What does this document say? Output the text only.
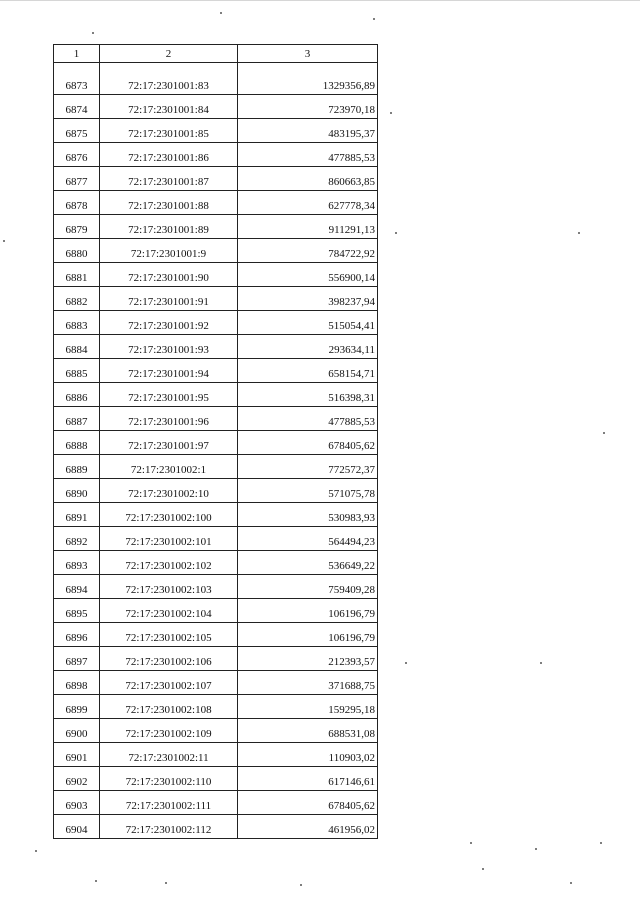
1	2	3
6873	72:17:2301001:83	1329356,89
6874	72:17:2301001:84	723970,18
6875	72:17:2301001:85	483195,37
6876	72:17:2301001:86	477885,53
6877	72:17:2301001:87	860663,85
6878	72:17:2301001:88	627778,34
6879	72:17:2301001:89	911291,13
6880	72:17:2301001:9	784722,92
6881	72:17:2301001:90	556900,14
6882	72:17:2301001:91	398237,94
6883	72:17:2301001:92	515054,41
6884	72:17:2301001:93	293634,11
6885	72:17:2301001:94	658154,71
6886	72:17:2301001:95	516398,31
6887	72:17:2301001:96	477885,53
6888	72:17:2301001:97	678405,62
6889	72:17:2301002:1	772572,37
6890	72:17:2301002:10	571075,78
6891	72:17:2301002:100	530983,93
6892	72:17:2301002:101	564494,23
6893	72:17:2301002:102	536649,22
6894	72:17:2301002:103	759409,28
6895	72:17:2301002:104	106196,79
6896	72:17:2301002:105	106196,79
6897	72:17:2301002:106	212393,57
6898	72:17:2301002:107	371688,75
6899	72:17:2301002:108	159295,18
6900	72:17:2301002:109	688531,08
6901	72:17:2301002:11	110903,02
6902	72:17:2301002:110	617146,61
6903	72:17:2301002:111	678405,62
6904	72:17:2301002:112	461956,02
